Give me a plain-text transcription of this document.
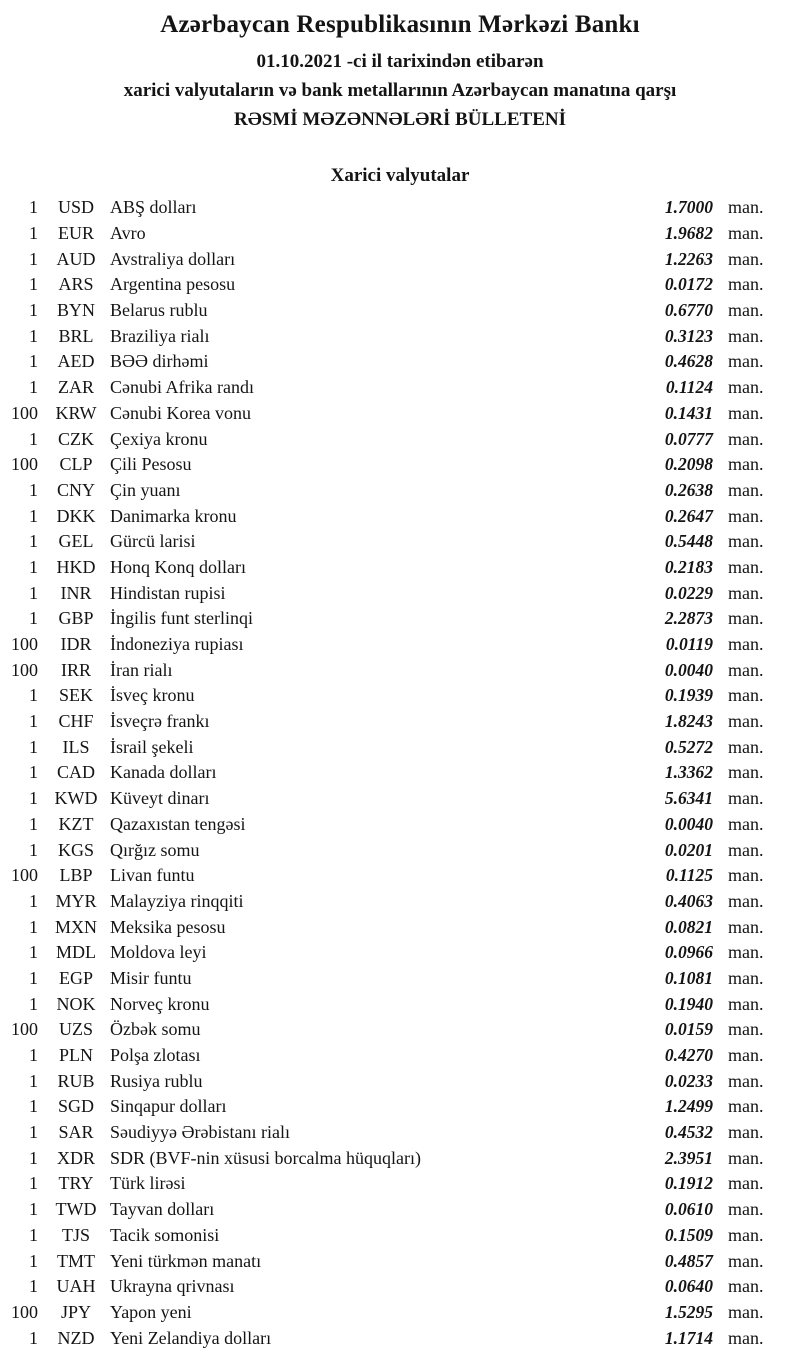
Azərbaycan Respublikasının Mərkəzi Bankı
01.10.2021 -ci il tarixindən etibarən
xarici valyutaların və bank metallarının Azərbaycan manatına qarşı
RƏSMİ MƏZƏNNƏLƏRİ BÜLLETENİ
Xarici valyutalar
1	USD ABŞ dolları	1.7000 man.
1	EUR Avro	1.9682 man.
1	AUD Avstraliya dolları	1.2263 man.
1	ARS Argentina pesosu	0.0172 man.
1	BYN Belarus rublu	0.6770 man.
1	BRL Braziliya rialı	0.3123 man.
1	AED BƏƏ dirhəmi	0.4628 man.
1	ZAR Cənubi Afrika randı	0.1124 man.
100 KRW Cənubi Korea vonu	0.1431 man.
1	CZK Çexiya kronu	0.0777 man.
100	CLP Çili Pesosu	0.2098 man.
1	CNY Çin yuanı	0.2638 man.
1	DKK Danimarka kronu	0.2647 man.
1	GEL Gürcü larisi	0.5448 man.
1	HKD Honq Konq dolları	0.2183 man.
1	INR	Hindistan rupisi	0.0229 man.
1	GBP İngilis funt sterlinqi	2.2873 man.
100	IDR	İndoneziya rupiası	0.0119 man.
100	IRR	İran rialı	0.0040 man.
1	SEK İsveç kronu	0.1939 man.
1	CHF İsveçrə frankı	1.8243 man.
1	ILS	İsrail şekeli	0.5272 man.
1	CAD Kanada dolları	1.3362 man.
1 KWD Küveyt dinarı	5.6341 man.
1	KZT Qazaxıstan tengəsi	0.0040 man.
1	KGS Qırğız somu	0.0201 man.
100	LBP Livan funtu	0.1125 man.
1 MYR Malayziya rinqqiti	0.4063 man.
1 MXN Meksika pesosu	0.0821 man.
1	MDL Moldova leyi	0.0966 man.
1	EGP Misir funtu	0.1081 man.
1	NOK Norveç kronu	0.1940 man.
100	UZS Özbək somu	0.0159 man.
1	PLN Polşa zlotası	0.4270 man.
1	RUB Rusiya rublu	0.0233 man.
1	SGD Sinqapur dolları	1.2499 man.
1	SAR Səudiyyə Ərəbistanı rialı	0.4532 man.
1	XDR SDR (BVF-nin xüsusi borcalma hüquqları)	2.3951 man.
1	TRY Türk lirəsi	0.1912 man.
1 TWD Tayvan dolları	0.0610 man.
1	TJS	Tacik somonisi	0.1509 man.
1	TMT Yeni türkmən manatı	0.4857 man.
1	UAH Ukrayna qrivnası	0.0640 man.
100	JPY	Yapon yeni	1.5295 man.
1	NZD Yeni Zelandiya dolları	1.1714 man.
